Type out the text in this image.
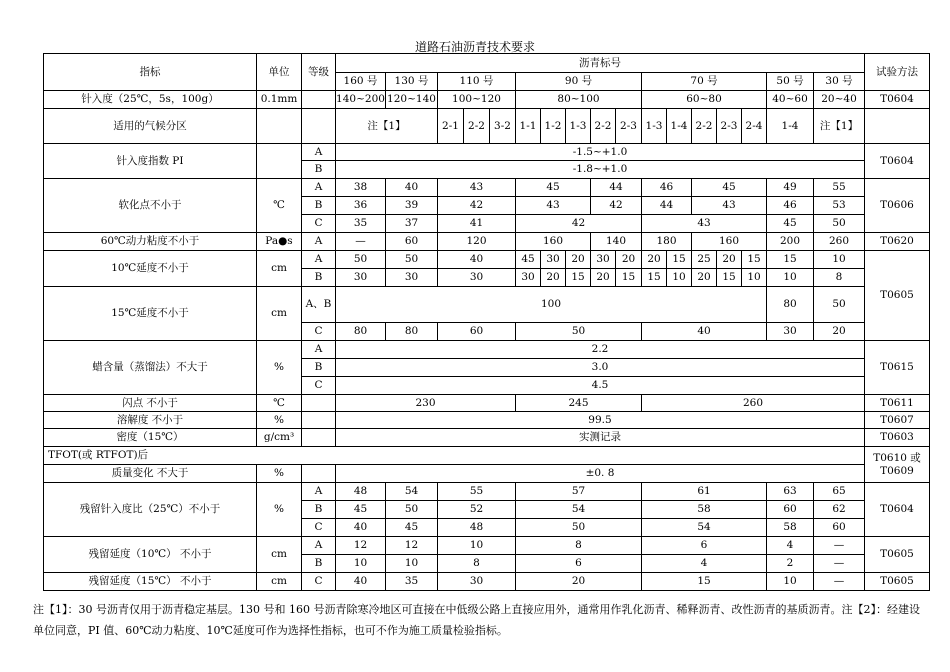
道路石油沥青技术要求
指标	单位	等级	沥青标号																	试验方法
			160 号	130 号	110 号			90 号					70 号					50 号	30 号	
针入度（25℃，5s，100g）	0.1mm		140~200	120~140	100~120			80~100					60~80					40~60	20~40	T0604
适用的气候分区			注【1】		2-1	2-2	3-2	1-1	1-2	1-3	2-2	2-3	1-3	1-4	2-2	2-3	2-4	1-4	注【1】	
针入度指数 PI		A	-1.5~+1.0																	T0604
		B	-1.8~+1.0																	
软化点不小于	℃	A	38	40	43			45			44		46		45			49	55	T0606
		B	36	39	42			43			42		44		43			46	53	
		C	35	37	41			42					43					45	50	
60℃动力粘度不小于	Pa●s	A	—	60	120			160			140		180		160			200	260	T0620
10℃延度不小于	cm	A	50	50	40			45	30	20	30	20	20	15	25	20	15	15	10	T0605
		B	30	30	30			30	20	15	20	15	15	10	20	15	10	10	8	
15℃延度不小于	cm	A、B	100															80	50	
		C	80	80	60			50					40					30	20	
蜡含量（蒸馏法）不大于	%	A	2.2																	T0615
		B	3.0																	
		C	4.5																	
闪点 不小于	℃		230					245					260							T0611
溶解度 不小于	%		99.5																	T0607
密度（15℃）	g/cm³		实测记录																	T0603
TFOT(或 RTFOT)后																				T0610 或 T0609
质量变化 不大于	%		±0. 8																	
残留针入度比（25℃）不小于	%	A	48	54	55			57					61					63	65	T0604
		B	45	50	52			54					58					60	62	
		C	40	45	48			50					54					58	60	
残留延度（10℃） 不小于	cm	A	12	12	10			8					6					4	—	T0605
		B	10	10	8			6					4					2	—	
残留延度（15℃） 不小于	cm	C	40	35	30			20					15					10	—	T0605
注【1】：30 号沥青仅用于沥青稳定基层。130 号和 160 号沥青除寒冷地区可直接在中低级公路上直接应用外，通常用作乳化沥青、稀释沥青、改性沥青的基质沥青。注【2】：经建设单位同意，PI 值、60℃动力粘度、10℃延度可作为选择性指标，也可不作为施工质量检验指标。
